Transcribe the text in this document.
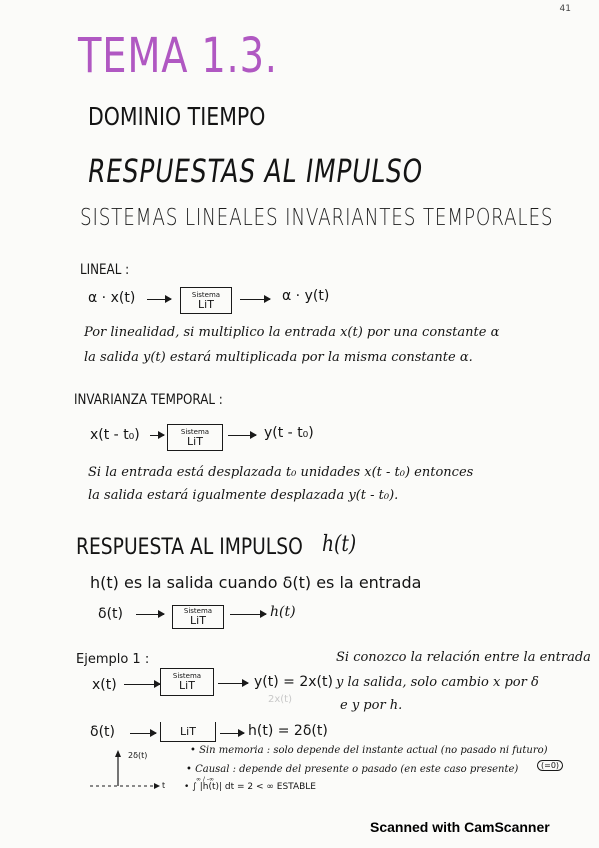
41
TEMA 1.3.
DOMINIO TIEMPO
RESPUESTAS AL IMPULSO
SISTEMAS LINEALES INVARIANTES TEMPORALES
LINEAL :
α · x(t)	Sistema
LiT	α · y(t)
Por linealidad, si multiplico la entrada x(t) por una constante α
la salida y(t) estará multiplicada por la misma constante α.
INVARIANZA TEMPORAL :
x(t - t₀)	Sistema
LiT	y(t - t₀)
Si la entrada está desplazada t₀ unidades x(t - t₀) entonces
la salida estará igualmente desplazada y(t - t₀).
RESPUESTA AL IMPULSO h(t)
h(t) es la salida cuando δ(t) es la entrada
δ(t)	Sistema
LiT
h(t)
Ejemplo 1 :
x(t)
Sistema
LiT	y(t) = 2x(t)
2x(t)
Si conozco la relación entre la entrada
y la salida, solo cambio x por δ
e y por h.
δ(t)	LiT	h(t) = 2δ(t)
2δ(t)
t
• Sin memoria : solo depende del instante actual (no pasado ni futuro)
• Causal : depende del presente o pasado (en este caso presente)
• ∫ |h(t)| dt = 2 < ∞ ESTABLE
∞ / -∞
(=0)
Scanned with CamScanner
